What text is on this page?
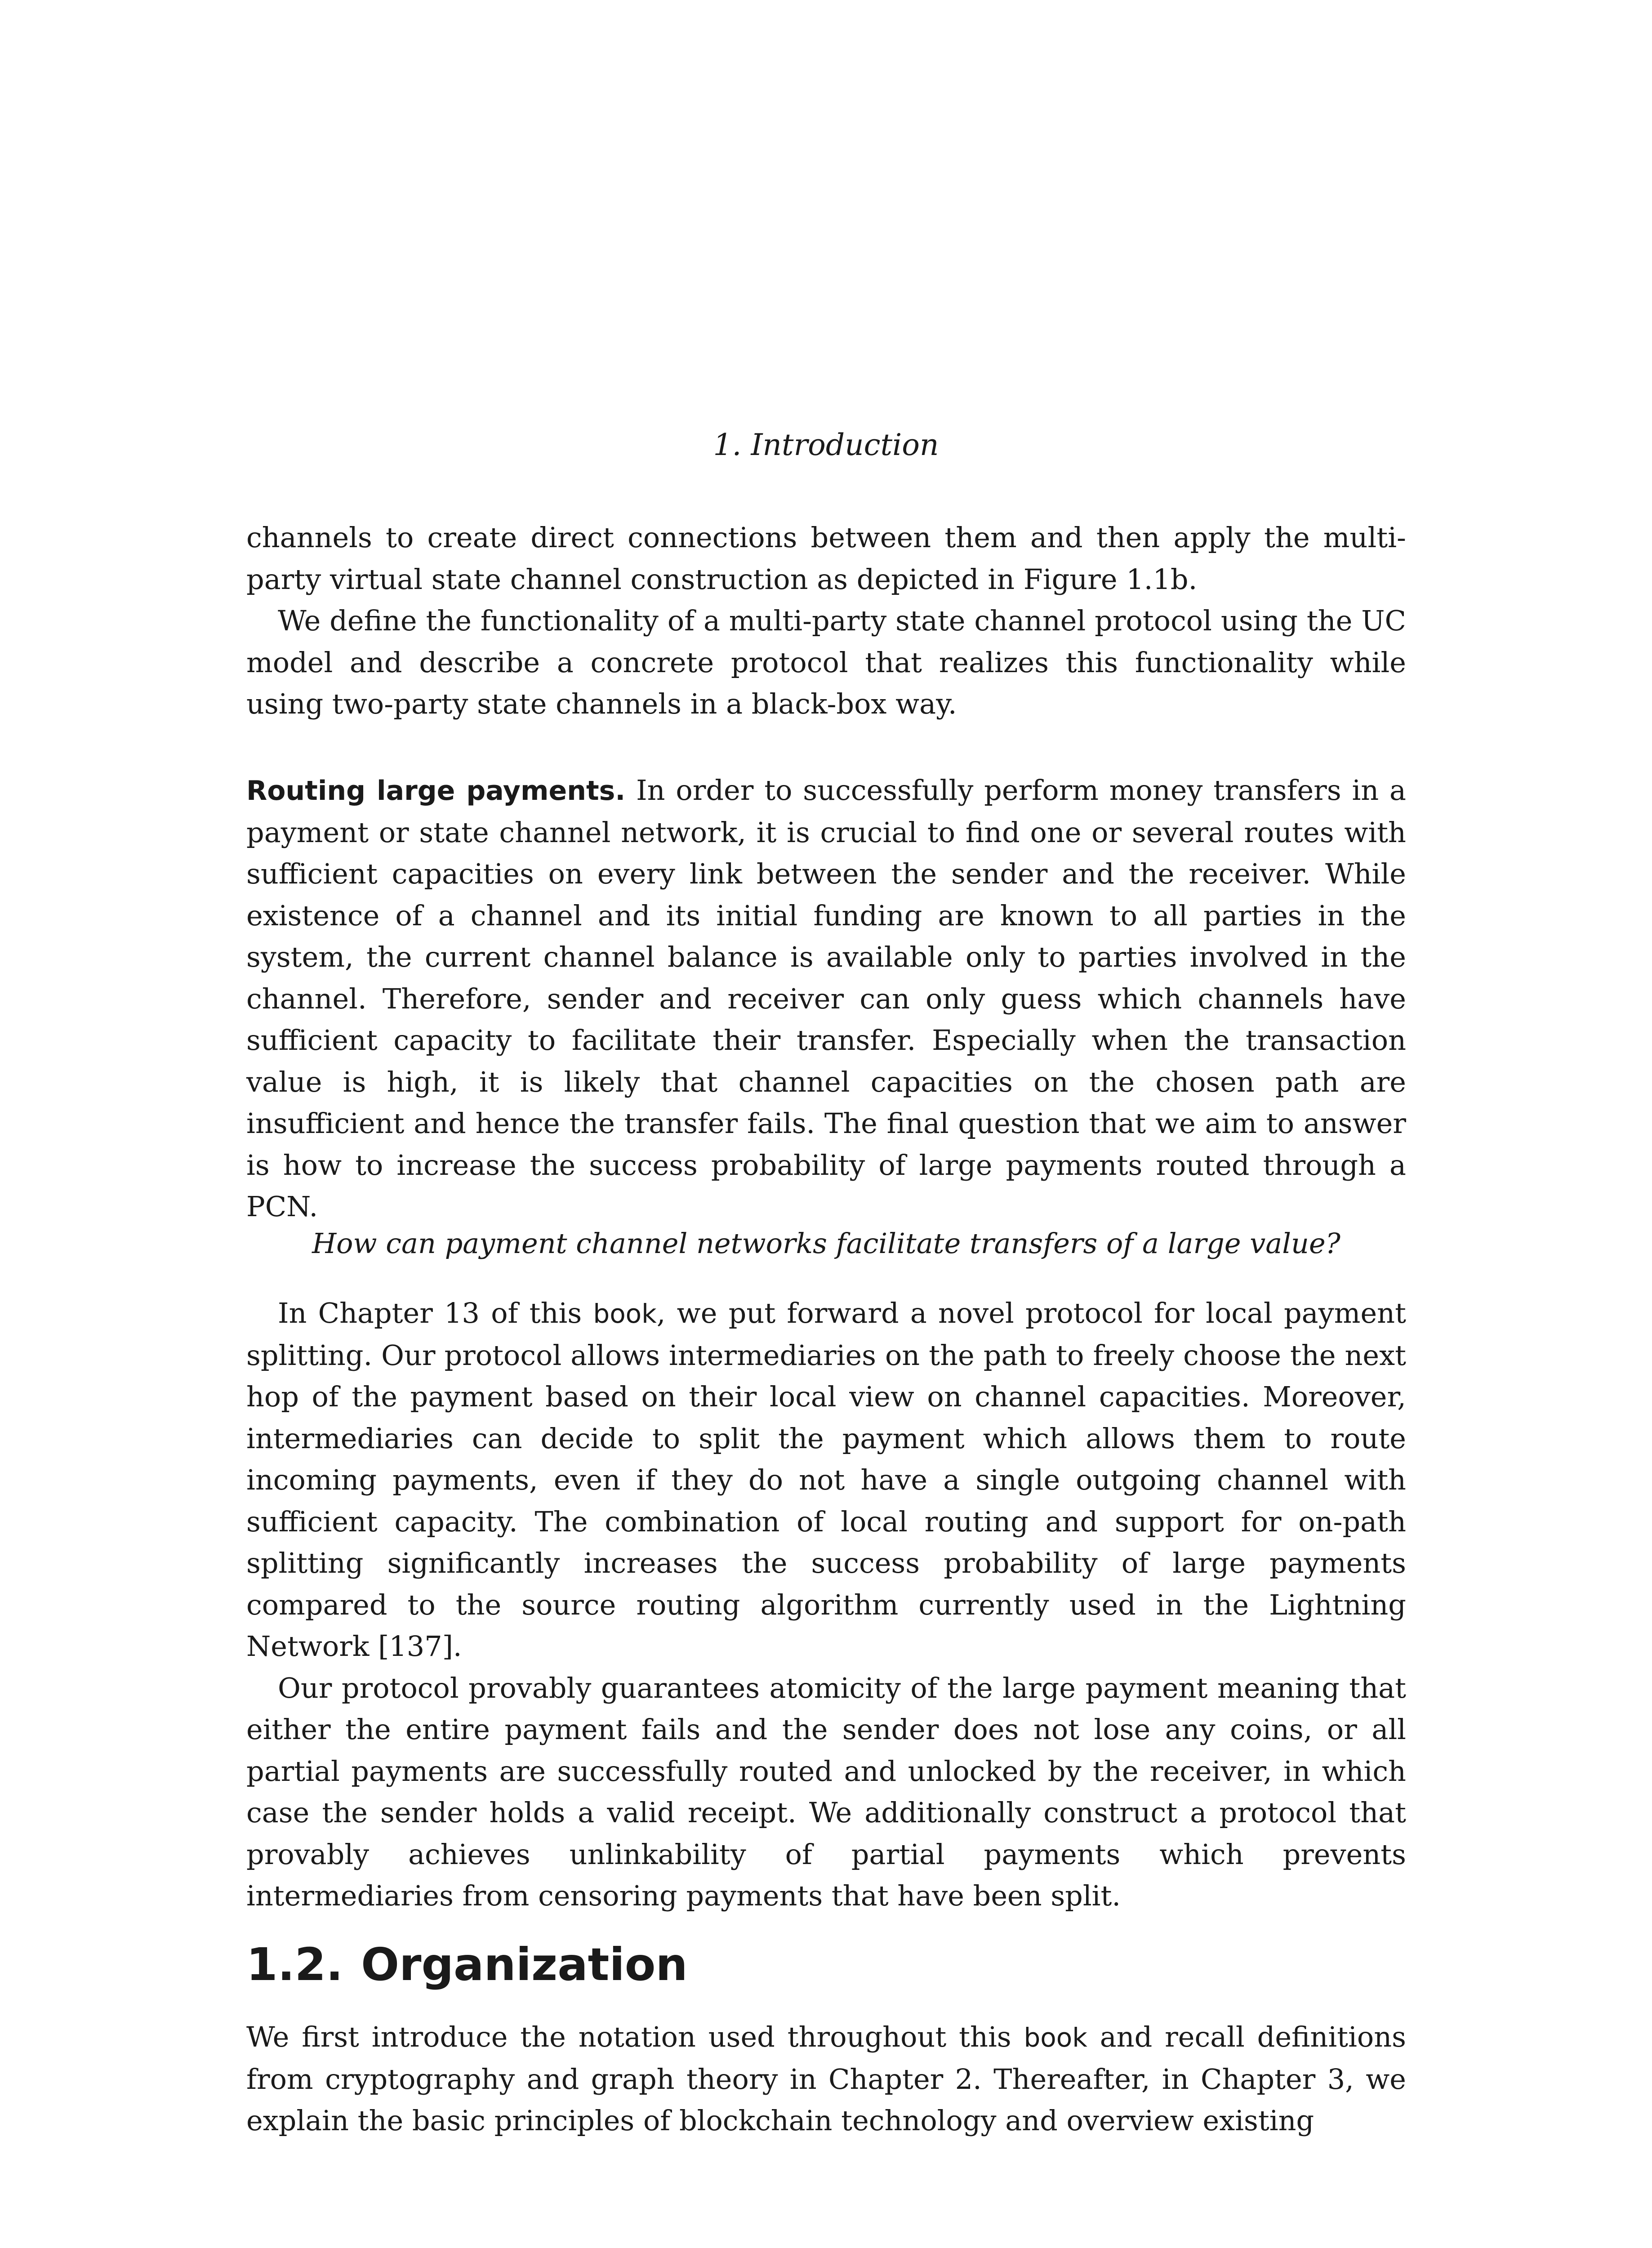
1. Introduction

channels to create direct connections between them and then apply the multi-party virtual state channel construction as depicted in Figure 1.1b.

We define the functionality of a multi-party state channel protocol using the UC model and describe a concrete protocol that realizes this functionality while using two-party state channels in a black-box way.

Routing large payments. In order to successfully perform money transfers in a payment or state channel network, it is crucial to find one or several routes with sufficient capacities on every link between the sender and the receiver. While existence of a channel and its initial funding are known to all parties in the system, the current channel balance is available only to parties involved in the channel. Therefore, sender and receiver can only guess which channels have sufficient capacity to facilitate their transfer. Especially when the transaction value is high, it is likely that channel capacities on the chosen path are insufficient and hence the transfer fails. The final question that we aim to answer is how to increase the success probability of large payments routed through a PCN.

How can payment channel networks facilitate transfers of a large value?

In Chapter 13 of this book, we put forward a novel protocol for local payment splitting. Our protocol allows intermediaries on the path to freely choose the next hop of the payment based on their local view on channel capacities. Moreover, intermediaries can decide to split the payment which allows them to route incoming payments, even if they do not have a single outgoing channel with sufficient capacity. The combination of local routing and support for on-path splitting significantly increases the success probability of large payments compared to the source routing algorithm currently used in the Lightning Network [137].

Our protocol provably guarantees atomicity of the large payment meaning that either the entire payment fails and the sender does not lose any coins, or all partial payments are successfully routed and unlocked by the receiver, in which case the sender holds a valid receipt. We additionally construct a protocol that provably achieves unlinkability of partial payments which prevents intermediaries from censoring payments that have been split.

1.2. Organization

We first introduce the notation used throughout this book and recall definitions from cryptography and graph theory in Chapter 2. Thereafter, in Chapter 3, we explain the basic principles of blockchain technology and overview existing
